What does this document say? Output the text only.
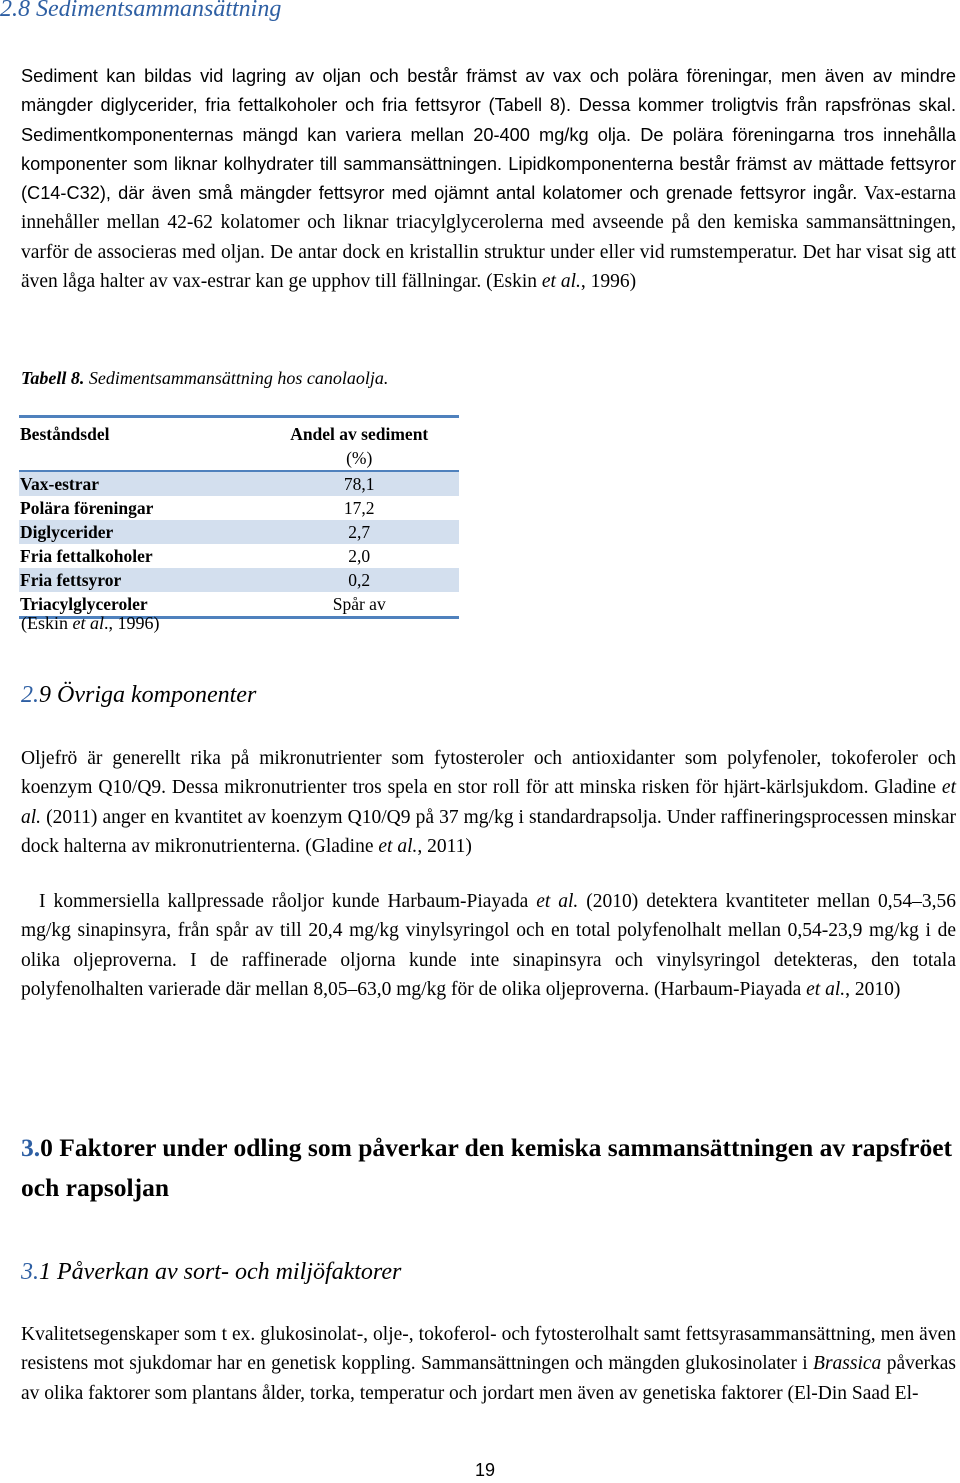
2.8 Sedimentsammansättning
Sediment kan bildas vid lagring av oljan och består främst av vax och polära föreningar, men även av mindre mängder diglycerider, fria fettalkoholer och fria fettsyror (Tabell 8). Dessa kommer troligtvis från rapsfrönas skal. Sedimentkomponenternas mängd kan variera mellan 20-400 mg/kg olja. De polära föreningarna tros innehålla komponenter som liknar kolhydrater till sammansättningen. Lipidkomponenterna består främst av mättade fettsyror (C14-C32), där även små mängder fettsyror med ojämnt antal kolatomer och grenade fettsyror ingår. Vax-estarna innehåller mellan 42-62 kolatomer och liknar triacylglycerolerna med avseende på den kemiska sammansättningen, varför de associeras med oljan. De antar dock en kristallin struktur under eller vid rumstemperatur. Det har visat sig att även låga halter av vax-estrar kan ge upphov till fällningar. (Eskin et al., 1996)
Tabell 8. Sedimentsammansättning hos canolaolja.
Beståndsdel	Andel av sediment
(%)
Vax-estrar	78,1
Polära föreningar	17,2
Diglycerider	2,7
Fria fettalkoholer	2,0
Fria fettsyror	0,2
Triacylglyceroler	Spår av
(Eskin et al., 1996)
2.9 Övriga komponenter
Oljefrö är generellt rika på mikronutrienter som fytosteroler och antioxidanter som polyfenoler, tokoferoler och koenzym Q10/Q9. Dessa mikronutrienter tros spela en stor roll för att minska risken för hjärt-kärlsjukdom. Gladine et al. (2011) anger en kvantitet av koenzym Q10/Q9 på 37 mg/kg i standardrapsolja. Under raffineringsprocessen minskar dock halterna av mikronutrienterna. (Gladine et al., 2011)
I kommersiella kallpressade råoljor kunde Harbaum-Piayada et al. (2010) detektera kvantiteter mellan 0,54–3,56 mg/kg sinapinsyra, från spår av till 20,4 mg/kg vinylsyringol och en total polyfenolhalt mellan 0,54-23,9 mg/kg i de olika oljeproverna. I de raffinerade oljorna kunde inte sinapinsyra och vinylsyringol detekteras, den totala polyfenolhalten varierade där mellan 8,05–63,0 mg/kg för de olika oljeproverna. (Harbaum-Piayada et al., 2010)
3.0 Faktorer under odling som påverkar den kemiska sammansättningen av rapsfröet och rapsoljan
3.1 Påverkan av sort- och miljöfaktorer
Kvalitetsegenskaper som t ex. glukosinolat-, olje-, tokoferol- och fytosterolhalt samt fettsyrasammansättning, men även resistens mot sjukdomar har en genetisk koppling. Sammansättningen och mängden glukosinolater i Brassica påverkas av olika faktorer som plantans ålder, torka, temperatur och jordart men även av genetiska faktorer (El-Din Saad El-
19
